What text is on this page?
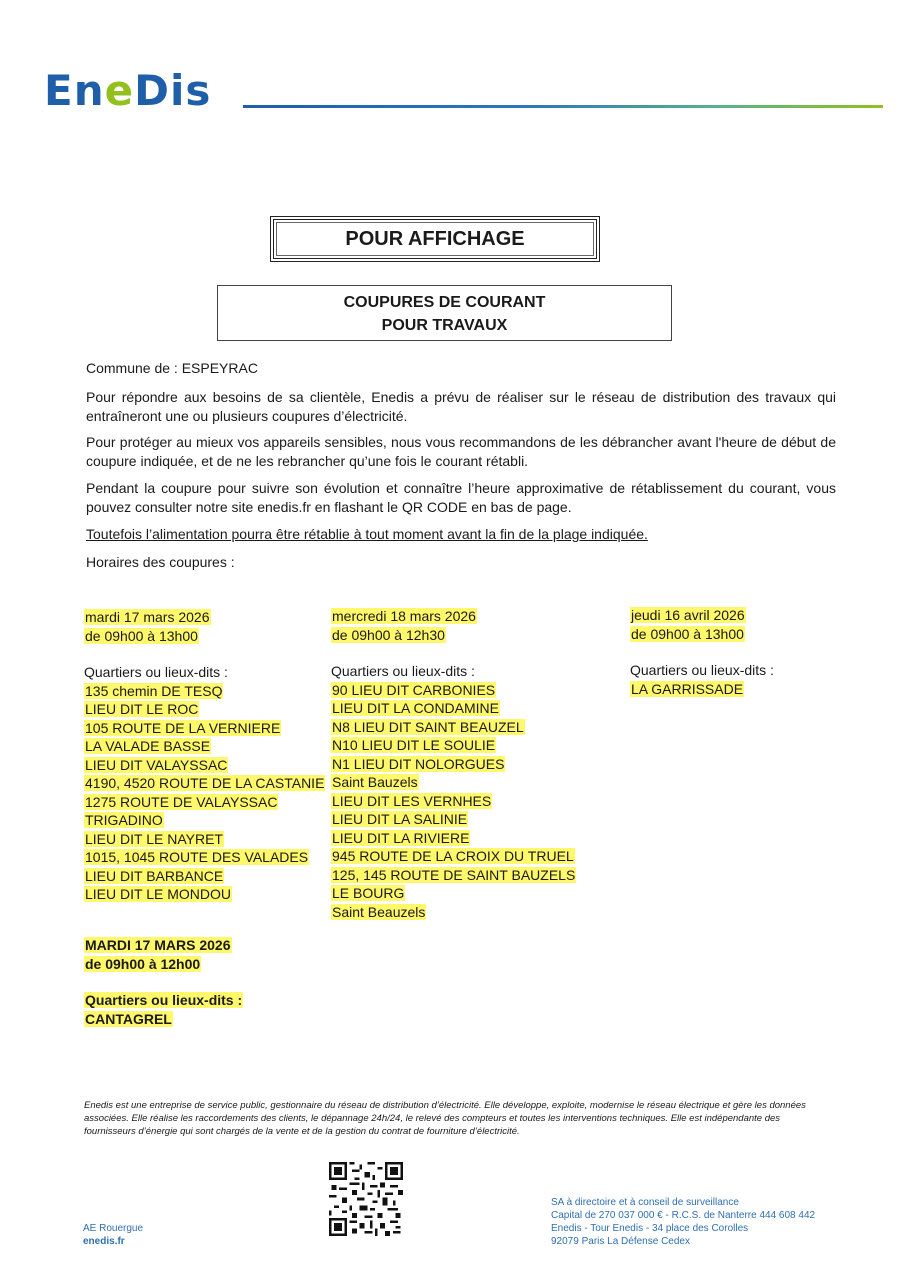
EneDis
POUR AFFICHAGE
COUPURES DE COURANT
POUR TRAVAUX
Commune de : ESPEYRAC
Pour répondre aux besoins de sa clientèle, Enedis a prévu de réaliser sur le réseau de distribution des travaux qui entraîneront une ou plusieurs coupures d’électricité.
Pour protéger au mieux vos appareils sensibles, nous vous recommandons de les débrancher avant l'heure de début de coupure indiquée, et de ne les rebrancher qu’une fois le courant rétabli.
Pendant la coupure pour suivre son évolution et connaître l’heure approximative de rétablissement du courant, vous pouvez consulter notre site enedis.fr en flashant le QR CODE en bas de page.
Toutefois l’alimentation pourra être rétablie à tout moment avant la fin de la plage indiquée.
Horaires des coupures :
mardi 17 mars 2026
de 09h00 à 13h00
Quartiers ou lieux-dits :
135 chemin DE TESQ
LIEU DIT LE ROC
105 ROUTE DE LA VERNIERE
LA VALADE BASSE
LIEU DIT VALAYSSAC
4190, 4520 ROUTE DE LA CASTANIE
1275 ROUTE DE VALAYSSAC
TRIGADINO
LIEU DIT LE NAYRET
1015, 1045 ROUTE DES VALADES
LIEU DIT BARBANCE
LIEU DIT LE MONDOU
mercredi 18 mars 2026
de 09h00 à 12h30
Quartiers ou lieux-dits :
90 LIEU DIT CARBONIES
LIEU DIT LA CONDAMINE
N8 LIEU DIT SAINT BEAUZEL
N10 LIEU DIT LE SOULIE
N1 LIEU DIT NOLORGUES
Saint Bauzels
LIEU DIT LES VERNHES
LIEU DIT LA SALINIE
LIEU DIT LA RIVIERE
945 ROUTE DE LA CROIX DU TRUEL
125, 145 ROUTE DE SAINT BAUZELS
LE BOURG
Saint Beauzels
jeudi 16 avril 2026
de 09h00 à 13h00
Quartiers ou lieux-dits :
LA GARRISSADE
MARDI 17 MARS 2026
de 09h00 à 12h00
Quartiers ou lieux-dits :
CANTAGREL
Enedis est une entreprise de service public, gestionnaire du réseau de distribution d’électricité. Elle développe, exploite, modernise le réseau électrique et gère les données associées. Elle réalise les raccordements des clients, le dépannage 24h/24, le relevé des compteurs et toutes les interventions techniques. Elle est indépendante des fournisseurs d’énergie qui sont chargés de la vente et de la gestion du contrat de fourniture d’électricité.
AE Rouergue
enedis.fr
SA à directoire et à conseil de surveillance
Capital de 270 037 000 € - R.C.S. de Nanterre 444 608 442
Enedis - Tour Enedis - 34 place des Corolles
92079 Paris La Défense Cedex
